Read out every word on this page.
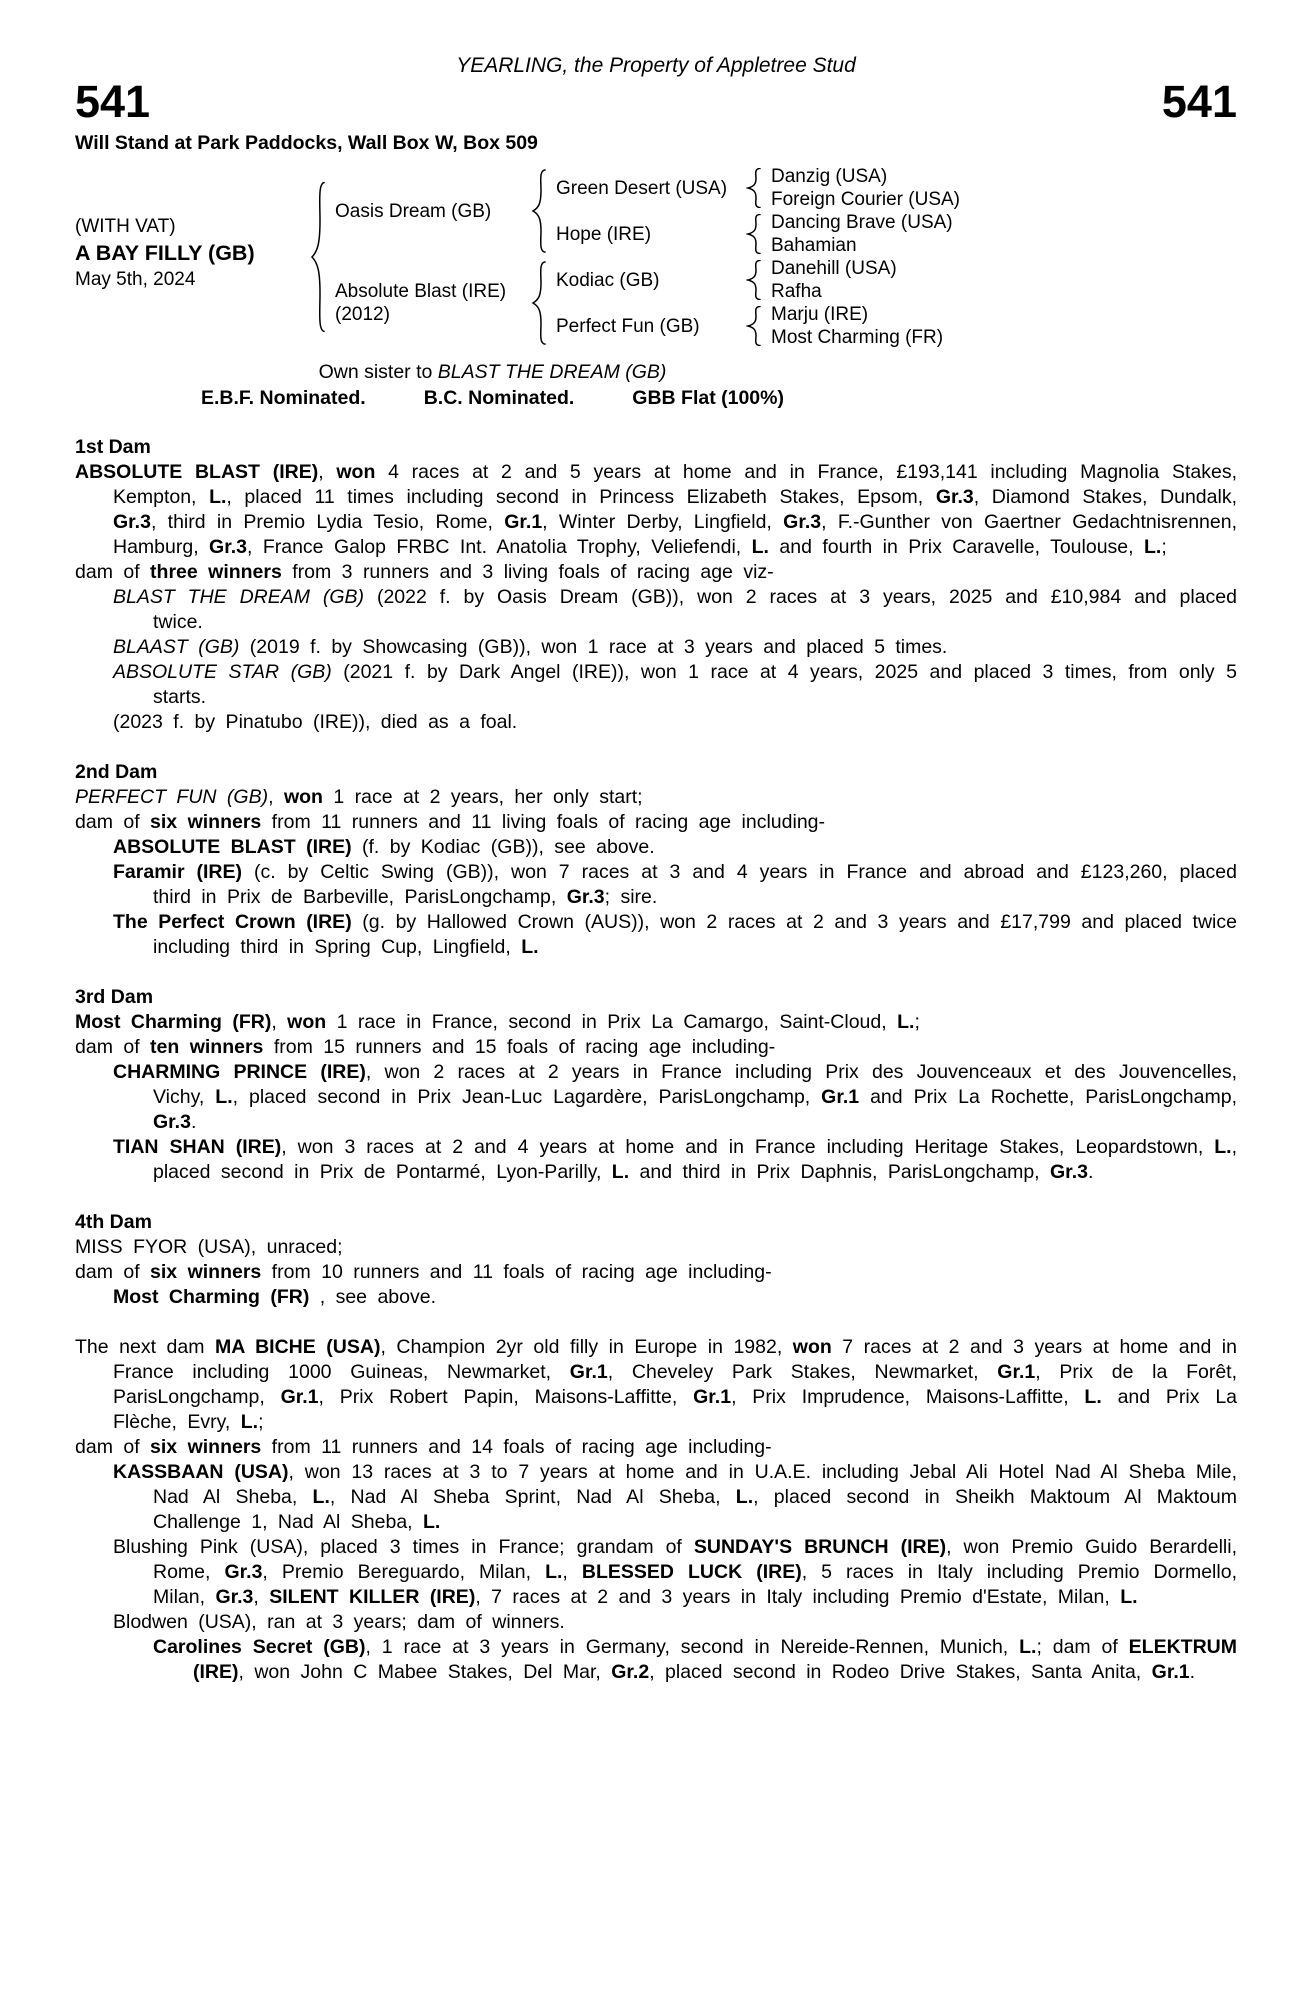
YEARLING, the Property of Appletree Stud
541	541
Will Stand at Park Paddocks, Wall Box W, Box 509
(WITH VAT)
A BAY FILLY (GB)
May 5th, 2024
Oasis Dream (GB)
Green Desert (USA)
Danzig (USA)
Foreign Courier (USA)
Hope (IRE)
Dancing Brave (USA)
Bahamian
Absolute Blast (IRE)
(2012)
Kodiac (GB)
Danehill (USA)
Rafha
Perfect Fun (GB)
Marju (IRE)
Most Charming (FR)
Own sister to BLAST THE DREAM (GB)
E.B.F. Nominated.	B.C. Nominated.	GBB Flat (100%)
1st Dam

ABSOLUTE BLAST (IRE), won 4 races at 2 and 5 years at home and in France, £193,141 including Magnolia Stakes, Kempton, L., placed 11 times including second in Princess Elizabeth Stakes, Epsom, Gr.3, Diamond Stakes, Dundalk, Gr.3, third in Premio Lydia Tesio, Rome, Gr.1, Winter Derby, Lingfield, Gr.3, F.-Gunther von Gaertner Gedachtnisrennen, Hamburg, Gr.3, France Galop FRBC Int. Anatolia Trophy, Veliefendi, L. and fourth in Prix Caravelle, Toulouse, L.;

dam of three winners from 3 runners and 3 living foals of racing age viz-

BLAST THE DREAM (GB) (2022 f. by Oasis Dream (GB)), won 2 races at 3 years, 2025 and £10,984 and placed twice.

BLAAST (GB) (2019 f. by Showcasing (GB)), won 1 race at 3 years and placed 5 times.

ABSOLUTE STAR (GB) (2021 f. by Dark Angel (IRE)), won 1 race at 4 years, 2025 and placed 3 times, from only 5 starts.

(2023 f. by Pinatubo (IRE)), died as a foal.

2nd Dam

PERFECT FUN (GB), won 1 race at 2 years, her only start;

dam of six winners from 11 runners and 11 living foals of racing age including-

ABSOLUTE BLAST (IRE) (f. by Kodiac (GB)), see above.

Faramir (IRE) (c. by Celtic Swing (GB)), won 7 races at 3 and 4 years in France and abroad and £123,260, placed third in Prix de Barbeville, ParisLongchamp, Gr.3; sire.

The Perfect Crown (IRE) (g. by Hallowed Crown (AUS)), won 2 races at 2 and 3 years and £17,799 and placed twice including third in Spring Cup, Lingfield, L.

3rd Dam

Most Charming (FR), won 1 race in France, second in Prix La Camargo, Saint-Cloud, L.;

dam of ten winners from 15 runners and 15 foals of racing age including-

CHARMING PRINCE (IRE), won 2 races at 2 years in France including Prix des Jouvenceaux et des Jouvencelles, Vichy, L., placed second in Prix Jean-Luc Lagardère, ParisLongchamp, Gr.1 and Prix La Rochette, ParisLongchamp, Gr.3.

TIAN SHAN (IRE), won 3 races at 2 and 4 years at home and in France including Heritage Stakes, Leopardstown, L., placed second in Prix de Pontarmé, Lyon-Parilly, L. and third in Prix Daphnis, ParisLongchamp, Gr.3.

4th Dam

MISS FYOR (USA), unraced;

dam of six winners from 10 runners and 11 foals of racing age including-

Most Charming (FR) , see above.

The next dam MA BICHE (USA), Champion 2yr old filly in Europe in 1982, won 7 races at 2 and 3 years at home and in France including 1000 Guineas, Newmarket, Gr.1, Cheveley Park Stakes, Newmarket, Gr.1, Prix de la Forêt, ParisLongchamp, Gr.1, Prix Robert Papin, Maisons-Laffitte, Gr.1, Prix Imprudence, Maisons-Laffitte, L. and Prix La Flèche, Evry, L.;

dam of six winners from 11 runners and 14 foals of racing age including-

KASSBAAN (USA), won 13 races at 3 to 7 years at home and in U.A.E. including Jebal Ali Hotel Nad Al Sheba Mile, Nad Al Sheba, L., Nad Al Sheba Sprint, Nad Al Sheba, L., placed second in Sheikh Maktoum Al Maktoum Challenge 1, Nad Al Sheba, L.

Blushing Pink (USA), placed 3 times in France; grandam of SUNDAY'S BRUNCH (IRE), won Premio Guido Berardelli, Rome, Gr.3, Premio Bereguardo, Milan, L., BLESSED LUCK (IRE), 5 races in Italy including Premio Dormello, Milan, Gr.3, SILENT KILLER (IRE), 7 races at 2 and 3 years in Italy including Premio d'Estate, Milan, L.

Blodwen (USA), ran at 3 years; dam of winners.

Carolines Secret (GB), 1 race at 3 years in Germany, second in Nereide-Rennen, Munich, L.; dam of ELEKTRUM (IRE), won John C Mabee Stakes, Del Mar, Gr.2, placed second in Rodeo Drive Stakes, Santa Anita, Gr.1.
